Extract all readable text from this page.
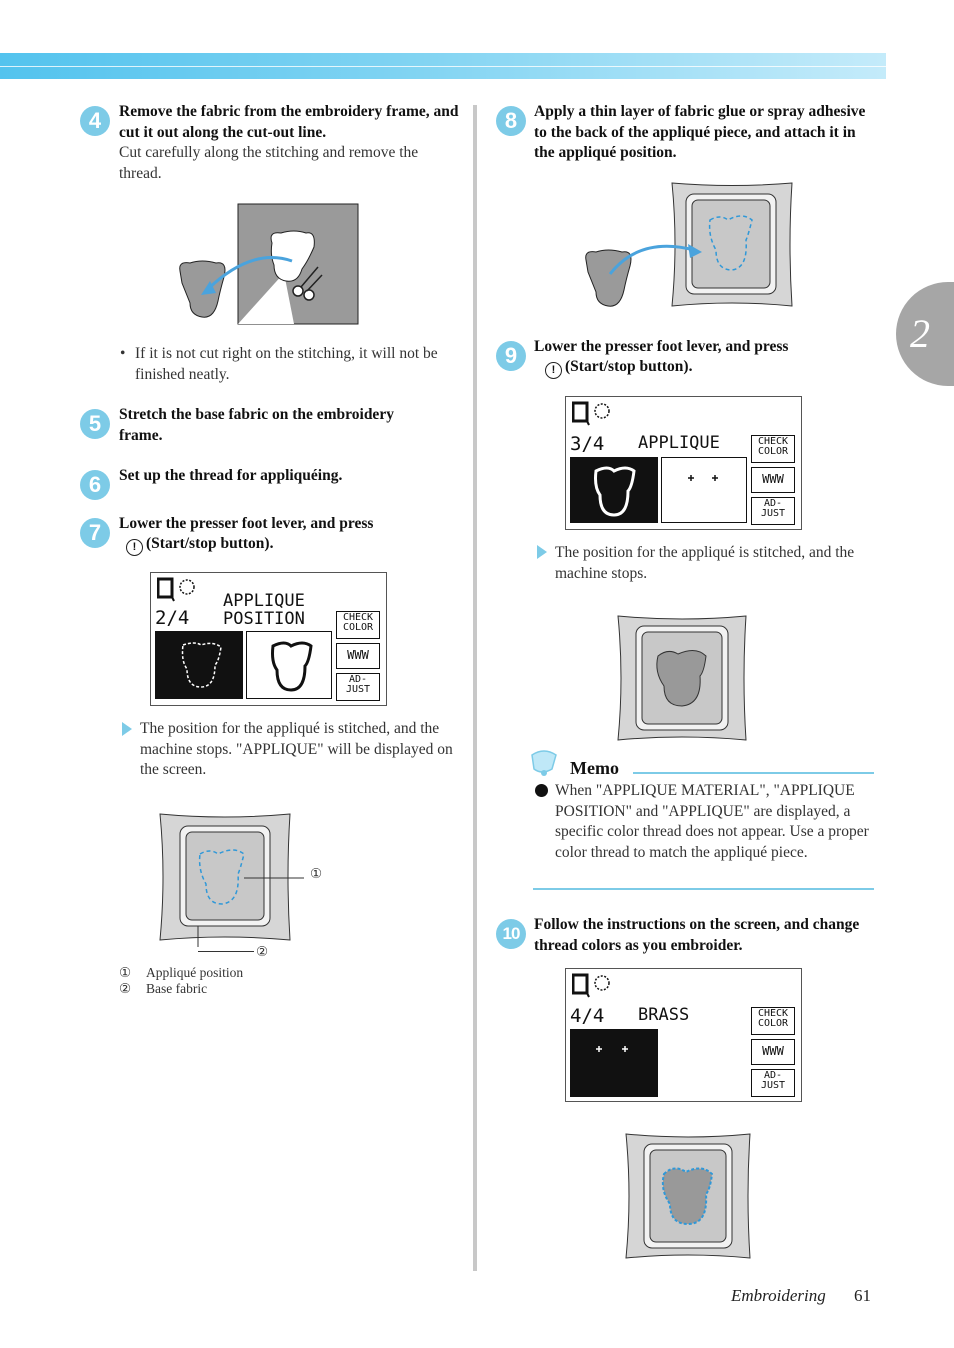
2
4	Remove the fabric from the embroidery frame, and cut it out along the cut-out line.
Cut carefully along the stitching and remove the thread.
• If it is not cut right on the stitching, it will not be finished neatly.
5	Stretch the base fabric on the embroidery frame.
6	Set up the thread for appliquéing.
7	Lower the presser foot lever, and press
! (Start/stop button).
2/4
APPLIQUE
POSITION	CHECK
COLOR
WWW
AD-
JUST
The position for the appliqué is stitched, and the machine stops. "APPLIQUE" will be displayed on the screen.
①
②
① Appliqué position
② Base fabric
8	Apply a thin layer of fabric glue or spray adhesive to the back of the appliqué piece, and attach it in the appliqué position.
9	Lower the presser foot lever, and press
! (Start/stop button).
3/4 APPLIQUE	CHECK
COLOR
WWW
AD-
JUST
The position for the appliqué is stitched, and the machine stops.
Memo
When "APPLIQUE MATERIAL", "APPLIQUE POSITION" and "APPLIQUE" are displayed, a specific color thread does not appear. Use a proper color thread to match the appliqué piece.
10 Follow the instructions on the screen, and change thread colors as you embroider.
4/4 BRASS	CHECK
COLOR
WWW
AD-
JUST
Embroidering 61
